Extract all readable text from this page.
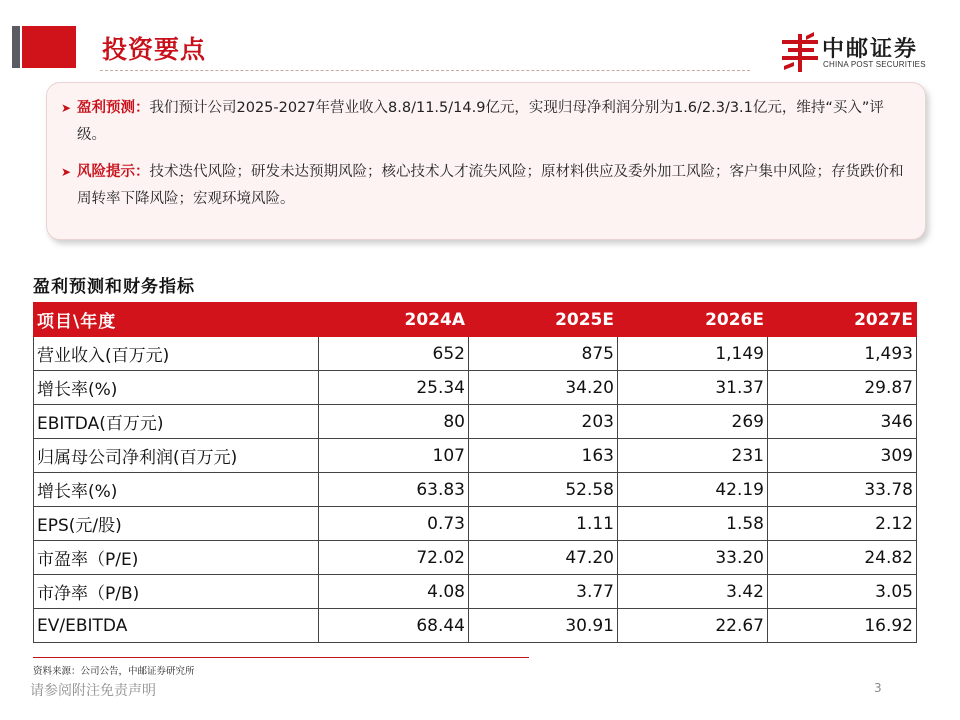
投资要点	中邮证券
CHINA POST SECURITIES
➤ 盈利预测：我们预计公司2025-2027年营业收入8.8/11.5/14.9亿元，实现归母净利润分别为1.6/2.3/3.1亿元，维持“买入”评级。
➤ 风险提示：技术迭代风险；研发未达预期风险；核心技术人才流失风险；原材料供应及委外加工风险；客户集中风险；存货跌价和周转率下降风险；宏观环境风险。
盈利预测和财务指标
项目\年度	2024A	2025E	2026E	2027E
营业收入(百万元)	652	875	1,149	1,493
增长率(%)	25.34	34.20	31.37	29.87
EBITDA(百万元)	80	203	269	346
归属母公司净利润(百万元)	107	163	231	309
增长率(%)	63.83	52.58	42.19	33.78
EPS(元/股)	0.73	1.11	1.58	2.12
市盈率（P/E)	72.02	47.20	33.20	24.82
市净率（P/B)	4.08	3.77	3.42	3.05
EV/EBITDA	68.44	30.91	22.67	16.92
资料来源：公司公告，中邮证券研究所
请参阅附注免责声明	3
